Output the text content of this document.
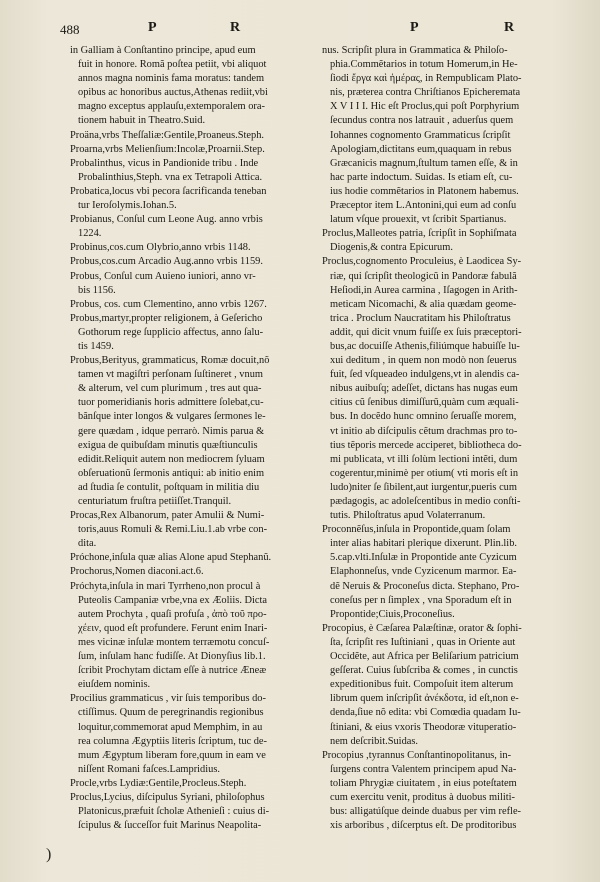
488	P	R	P	R
in Galliam à Conſtantino principe, apud eum
fuit in honore. Romã poſtea petiit, vbi aliquot
annos magna nominis fama moratus: tandem
opibus ac honoribus auctus,Athenas rediit,vbi
magno exceptus applauſu,extemporalem ora-
tionem habuit in Theatro.Suid.
Proäna,vrbs Theſſaliæ:Gentile,Proaneus.Steph.
Proarna,vrbs Melienſium:Incolæ,Proarnii.Step.
Probalinthus, vicus in Pandionide tribu . Inde
Probalinthius,Steph. vna ex Tetrapoli Attica.
Probatica,locus vbi pecora ſacrificanda teneban
tur Ieroſolymis.Iohan.5.
Probianus, Conſul cum Leone Aug. anno vrbis
1224.
Probinus,cos.cum Olybrio,anno vrbis 1148.
Probus,cos.cum Arcadio Aug.anno vrbis 1159.
Probus, Conſul cum Auieno iuniori, anno vr-
bis 1156.
Probus, cos. cum Clementino, anno vrbis 1267.
Probus,martyr,propter religionem, à Geſericho
Gothorum rege ſupplicio affectus, anno ſalu-
tis 1459.
Probus,Berityus, grammaticus, Romæ docuit,nõ
tamen vt magiſtri perſonam ſuſtineret , vnum
& alterum, vel cum plurimum , tres aut qua-
tuor pomeridianis horis admittere ſolebat,cu-
bãnſque inter longos & vulgares ſermones le-
gere quædam , idque perrarò. Nimis parua &
exigua de quibuſdam minutis quæſtiunculis
edidit.Reliquit autem non mediocrem ſyluam
obſeruationũ ſermonis antiqui: ab initio enim
ad ſtudia ſe contulit, poſtquam in militia diu
centuriatum fruſtra petiiſſet.Tranquil.
Procas,Rex Albanorum, pater Amulii & Numi-
toris,auus Romuli & Remi.Liu.1.ab vrbe con-
dita.
Próchone,inſula quæ alias Alone apud Stephanũ.
Prochorus,Nomen diaconi.act.6.
Próchyta,inſula in mari Tyrrheno,non procul à
Puteolis Campaniæ vrbe,vna ex Æoliis. Dicta
autem Prochyta , quaſi profuſa , ἀπὸ τοῦ προ-
χέειν, quod eſt profundere. Ferunt enim Inari-
mes vicinæ inſulæ montem terræmotu concuſ-
ſum, inſulam hanc fudiſſe. At Dionyſius lib.1.
ſcribit Prochytam dictam eſſe à nutrice Æneæ
eiuſdem nominis.
Procilius grammaticus , vir ſuis temporibus do-
ctiſſimus. Quum de peregrinandis regionibus
loquitur,commemorat apud Memphim, in au
rea columna Ægyptiis literis ſcriptum, tuc de-
mum Ægyptum liberam fore,quum in eam ve
niſſent Romani faſces.Lampridius.
Procle,vrbs Lydiæ:Gentile,Procleus.Steph.
Proclus,Lycius, diſcipulus Syriani, philoſophus
Platonicus,præfuit ſcholæ Athenieſi : cuius di-
ſcipulus & ſucceſſor fuit Marinus Neapolita-
nus. Scripſit plura in Grammatica & Philoſo-
phia.Commẽtarios in totum Homerum,in He-
ſiodi ἔργα καὶ ἡμέρας, in Rempublicam Plato-
nis, præterea contra Chriſtianos Epicheremata
X V I I I. Hic eſt Proclus,qui poſt Porphyrium
ſecundus contra nos latrauit , aduerſus quem
Iohannes cognomento Grammaticus ſcripſit
Apologiam,dictitans eum,quaquam in rebus
Græcanicis magnum,ſtultum tamen eſſe, & in
hac parte indoctum. Suidas. Is etiam eſt, cu-
ius hodie commẽtarios in Platonem habemus.
Præceptor item L.Antonini,qui eum ad conſu
latum vſque prouexit, vt ſcribit Spartianus.
Proclus,Malleotes patria, ſcripſit in Sophiſmata
Diogenis,& contra Epicurum.
Proclus,cognomento Proculeius, è Laodicea Sy-
riæ, qui ſcripſit theologicũ in Pandoræ fabulã
Heſiodi,in Aurea carmina , Iſagogen in Arith-
meticam Nicomachi, & alia quædam geome-
trica . Proclum Naucratitam his Philoſtratus
addit, qui dicit vnum fuiſſe ex ſuis præceptori-
bus,ac docuiſſe Athenis,filiúmque habuiſſe lu-
xui deditum , in quem non modò non ſeuerus
fuit, ſed vſqueadeo indulgens,vt in alendis ca-
nibus auibuſq; adeſſet, dictans has nugas eum
citius cũ ſenibus dimiſſurũ,quàm cum æquali-
bus. In docẽdo hunc omnino ſeruaſſe morem,
vt initio ab diſcipulis cẽtum drachmas pro to-
tius tẽporis mercede acciperet, bibliotheca do-
mi publicata, vt illi ſolùm lectioni intẽti, dum
cogerentur,minimè per otium( vti moris eſt in
ludo)niter ſe ſibilent,aut iurgentur,pueris cum
pædagogis, ac adoleſcentibus in medio conſti-
tutis. Philoſtratus apud Volaterranum.
Proconnẽſus,inſula in Propontide,quam ſolam
inter alias habitari plerique dixerunt. Plin.lib.
5.cap.vlti.Inſulæ in Propontide ante Cyzicum
Elaphonneſus, vnde Cyzicenum marmor. Ea-
dẽ Neruis & Proconeſus dicta. Stephano, Pro-
coneſus per n ſimplex , vna Sporadum eſt in
Propontide;Ciuis,Proconeſius.
Procopius, è Cæſarea Palæſtinæ, orator & ſophi-
ſta, ſcripſit res Iuſtiniani , quas in Oriente aut
Occidẽte, aut Africa per Beliſarium patricium
geſſerat. Cuius ſubſcriba & comes , in cunctis
expeditionibus fuit. Compoſuit item alterum
librum quem inſcripſit ἀνέκδοτα, id eſt,non e-
denda,ſiue nõ edita: vbi Comœdia quadam Iu-
ſtiniani, & eius vxoris Theodoræ vituperatio-
nem deſcribit.Suidas.
Procopius ,tyrannus Conſtantinopolitanus, in-
ſurgens contra Valentem principem apud Na-
toliam Phrygiæ ciuitatem , in eius poteſtatem
cum exercitu venit, proditus à duobus militi-
bus: alligatúſque deinde duabus per vim refle-
xis arboribus , diſcerptus eſt. De proditoribus
)
